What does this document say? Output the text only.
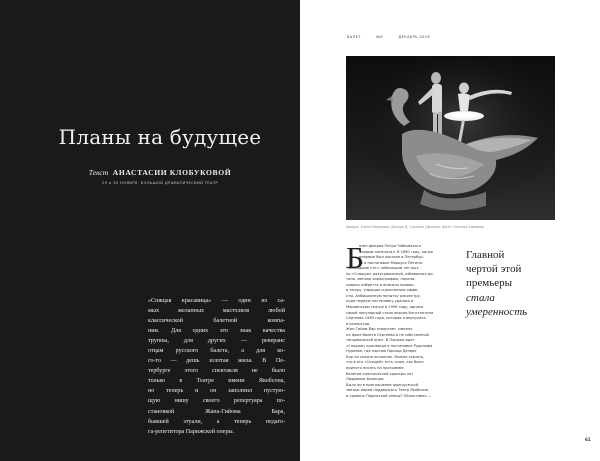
Планы на будущее
Текст АНАСТАСИИ КЛОБУКОВОЙ
29 и 30 НОЯБРЯ. БОЛЬШОЙ ДРАМАТИЧЕСКИЙ ТЕАТР
«Спящая красавица» — один из са-
мых желанных мастхэвов любой
классической балетной компа-
нии. Для одних это знак качества
труппы, для других — реверанс
отцам русского балета, а для ко-
го-то — дешь золотая жила. В Пе-
тербурге этого спектакля не было
только в Театре имени Якобсона,
но теперь и он заполнил пустую-
щую нишу своего репертуара по-
становкой Жана-Гийома Бара,
бывшей этуали, а теперь педаго-
га-репетитора Парижской оперы.
БАЛЕТ	№9	ДЕКАБРЬ 2018
Аврора: Елена Макарова; Дезире Д. Соколов (Дезире); Фото: Наталья Ефимова
Б
алет-феерия Петра Чайковского
первым напечатал. В 1890 году, когда
впервые был показан в Петербур-
ге в постановке Мариуса Петипа.
Прошедшие сто с небольшим лет выз-
ли «Спящую» разукрашенной, избавилась до-
тали, меняли хореографию, перепи-
сывали либретто и вносили правки.
в танцы, упрощая сценические эффе-
кты. Амбициозную попытку реконстру-
кции первую постановку удалось в
Мариинском театре в 1999 году, однако
самой популярной стала версия Константина
Сергеева 1989 года, которая и вернулась
в репертуар.
Жан-Гийом Бар отвергает, именно
на фоне балета Сергеева и не собственной
танцевальной опыт. В Париже идет
«Спящая» красавица в постановке Рудольфа
Нуреева, где партию Принца Дезире
Бар на склоне исполнял. Можно сказать,
что в его «Спящей» есть тоже, как было
принято писать на программе
балетов классической карьеры лет
Людовика Франции.
Было ли в приглашение французской
звезды идеей поддержать Театр Якобсона
и уровень Парижской оперы? Объективно —
Главной
чертой этой
премьеры
стала
умеренность
61
